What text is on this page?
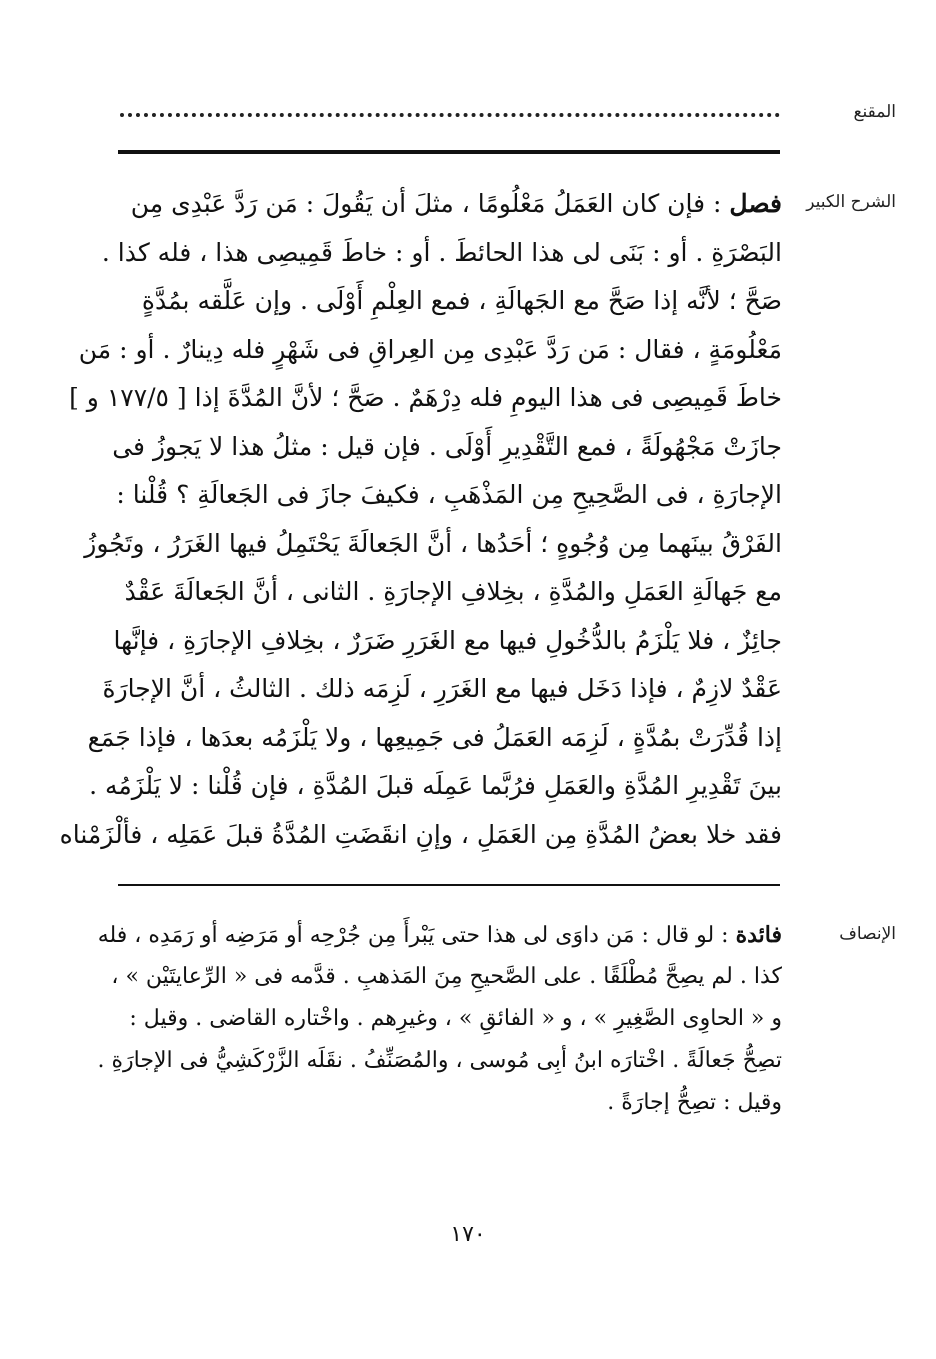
المقنع
الشرح الكبير
فصل : فإن كان العَمَلُ مَعْلُومًا ، مثلَ أن يَقُولَ : مَن رَدَّ عَبْدِى مِن
البَصْرَةِ . أو : بَنَى لى هذا الحائطَ . أو : خاطَ قَمِيصِى هذا ، فله كذا .
صَحَّ ؛ لأنَّه إذا صَحَّ مع الجَهالَةِ ، فمع العِلْمِ أَوْلَى . وإن عَلَّقه بمُدَّةٍ
مَعْلُومَةٍ ، فقال : مَن رَدَّ عَبْدِى مِن العِراقِ فى شَهْرٍ فله دِينارٌ . أو : مَن
خاطَ قَمِيصِى فى هذا اليومِ فله دِرْهَمٌ . صَحَّ ؛ لأنَّ المُدَّةَ إذا [ ١٧٧/٥ و ]
جازَتْ مَجْهُولَةً ، فمع التَّقْدِيرِ أَوْلَى . فإن قيل : مثلُ هذا لا يَجوزُ فى
الإجارَةِ ، فى الصَّحِيحِ مِن المَذْهَبِ ، فكيفَ جازَ فى الجَعالَةِ ؟ قُلْنا :
الفَرْقُ بينَهما مِن وُجُوهٍ ؛ أحَدُها ، أنَّ الجَعالَةَ يَحْتَمِلُ فيها الغَرَرُ ، وتَجُوزُ
مع جَهالَةِ العَمَلِ والمُدَّةِ ، بخِلافِ الإجارَةِ . الثانى ، أنَّ الجَعالَةَ عَقْدٌ
جائِزٌ ، فلا يَلْزَمُ بالدُّخُولِ فيها مع الغَرَرِ ضَرَرٌ ، بخِلافِ الإجارَةِ ، فإنَّها
عَقْدٌ لازِمٌ ، فإذا دَخَل فيها مع الغَرَرِ ، لَزِمَه ذلك . الثالثُ ، أنَّ الإجارَةَ
إذا قُدِّرَتْ بمُدَّةٍ ، لَزِمَه العَمَلُ فى جَمِيعِها ، ولا يَلْزَمُه بعدَها ، فإذا جَمَع
بينَ تَقْدِيرِ المُدَّةِ والعَمَلِ فرُبَّما عَمِلَه قبلَ المُدَّةِ ، فإن قُلْنا : لا يَلْزَمُه .
فقد خلا بعضُ المُدَّةِ مِن العَمَلِ ، وإنِ انقَضَتِ المُدَّةُ قبلَ عَمَلِه ، فألْزَمْناه
الإنصاف
فائدة : لو قال : مَن داوَى لى هذا حتى يَبْرأَ مِن جُرْحِه أو مَرَضِه أو رَمَدِه ، فله
كذا . لم يصِحَّ مُطْلَقًا . على الصَّحيحِ مِنَ المَذهبِ . قدَّمه فى « الرِّعايتَيْن » ،
و « الحاوِى الصَّغِيرِ » ، و « الفائقِ » ، وغيرِهم . واخْتاره القاضى . وقيل :
تصِحُّ جَعالَةً . اخْتارَه ابنُ أبِى مُوسى ، والمُصَنِّفُ . نقَلَه الزَّرْكَشِيُّ فى الإجارَةِ .
وقيل : تصِحُّ إجارَةً .
١٧٠
